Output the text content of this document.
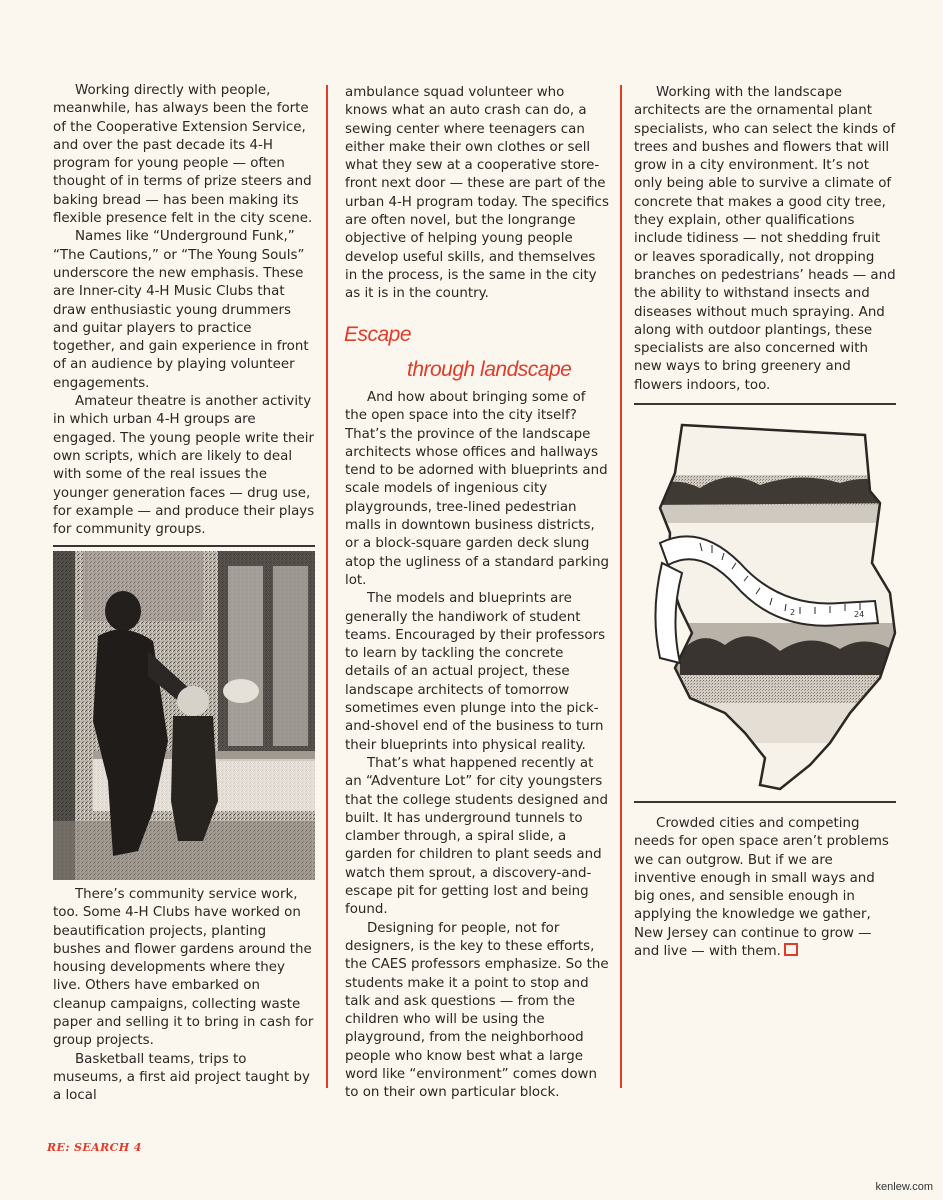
Working directly with people, meanwhile, has always been the forte of the Cooperative Extension Service, and over the past decade its 4-H program for young people — often thought of in terms of prize steers and baking bread — has been making its flexible presence felt in the city scene.

Names like “Underground Funk,” “The Cautions,” or “The Young Souls” underscore the new emphasis. These are Inner-city 4-H Music Clubs that draw enthusiastic young drummers and guitar players to practice together, and gain experience in front of an audience by playing volunteer engagements.

Amateur theatre is another activity in which urban 4-H groups are engaged. The young people write their own scripts, which are likely to deal with some of the real issues the younger generation faces — drug use, for example — and produce their plays for community groups.

There’s community service work, too. Some 4-H Clubs have worked on beautification projects, planting bushes and flower gardens around the housing developments where they live. Others have embarked on cleanup campaigns, collecting waste paper and selling it to bring in cash for group projects.

Basketball teams, trips to museums, a first aid project taught by a local

ambulance squad volunteer who knows what an auto crash can do, a sewing center where teenagers can either make their own clothes or sell what they sew at a cooperative store-front next door — these are part of the urban 4-H program today. The specifics are often novel, but the longrange objective of helping young people develop useful skills, and themselves in the process, is the same in the city as it is in the country.

Escape
through landscape

And how about bringing some of the open space into the city itself? That’s the province of the landscape architects whose offices and hallways tend to be adorned with blueprints and scale models of ingenious city playgrounds, tree-lined pedestrian malls in downtown business districts, or a block-square garden deck slung atop the ugliness of a standard parking lot.

The models and blueprints are generally the handiwork of student teams. Encouraged by their professors to learn by tackling the concrete details of an actual project, these landscape architects of tomorrow sometimes even plunge into the pick-and-shovel end of the business to turn their blueprints into physical reality.

That’s what happened recently at an “Adventure Lot” for city youngsters that the college students designed and built. It has underground tunnels to clamber through, a spiral slide, a garden for children to plant seeds and watch them sprout, a discovery-and-escape pit for getting lost and being found.

Designing for people, not for designers, is the key to these efforts, the CAES professors emphasize. So the students make it a point to stop and talk and ask questions — from the children who will be using the playground, from the neighborhood people who know best what a large word like “environment” comes down to on their own particular block.

Working with the landscape architects are the ornamental plant specialists, who can select the kinds of trees and bushes and flowers that will grow in a city environment. It’s not only being able to survive a climate of concrete that makes a good city tree, they explain, other qualifications include tidiness — not shedding fruit or leaves sporadically, not dropping branches on pedestrians’ heads — and the ability to withstand insects and diseases without much spraying. And along with outdoor plantings, these specialists are also concerned with new ways to bring greenery and flowers indoors, too.

2	24

Crowded cities and competing needs for open space aren’t problems we can outgrow. But if we are inventive enough in small ways and big ones, and sensible enough in applying the knowledge we gather, New Jersey can continue to grow — and live — with them.

RE: SEARCH 4
kenlew.com
